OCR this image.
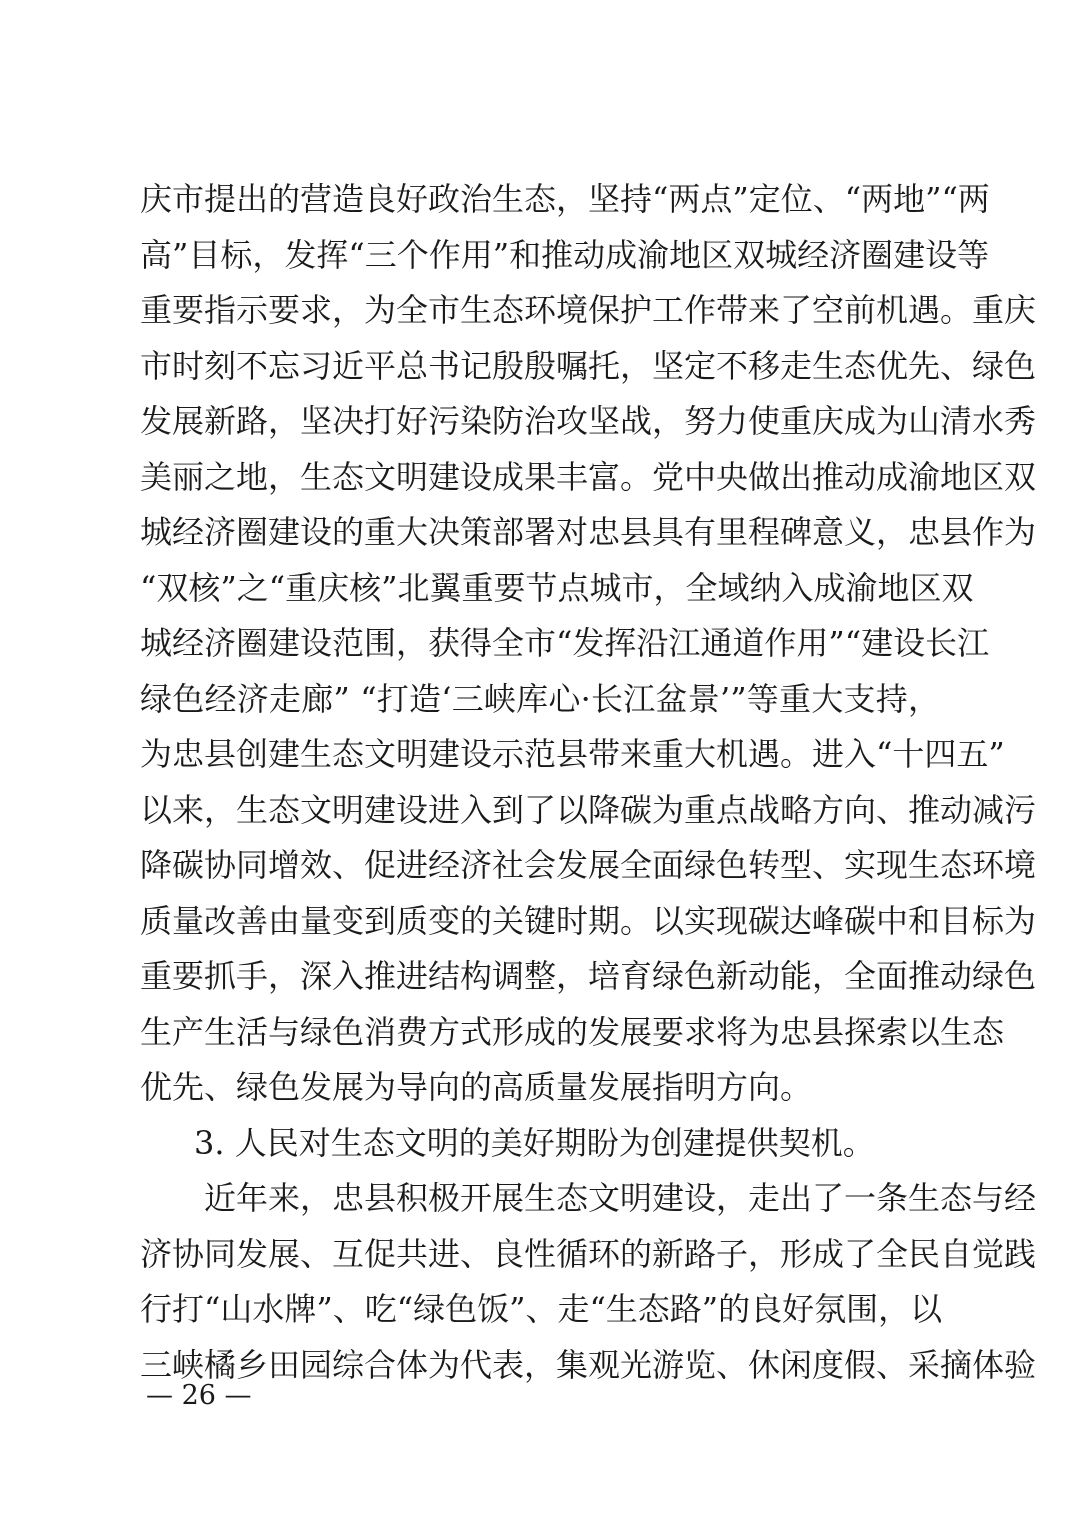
庆市提出的营造良好政治生态，坚持“两点”定位、“两地”“两
高”目标，发挥“三个作用”和推动成渝地区双城经济圈建设等
重要指示要求，为全市生态环境保护工作带来了空前机遇。重庆
市时刻不忘习近平总书记殷殷嘱托，坚定不移走生态优先、绿色
发展新路，坚决打好污染防治攻坚战，努力使重庆成为山清水秀
美丽之地，生态文明建设成果丰富。党中央做出推动成渝地区双
城经济圈建设的重大决策部署对忠县具有里程碑意义，忠县作为
“双核”之“重庆核”北翼重要节点城市，全域纳入成渝地区双
城经济圈建设范围，获得全市“发挥沿江通道作用”“建设长江
绿色经济走廊” “打造‘三峡库心·长江盆景’”等重大支持，
为忠县创建生态文明建设示范县带来重大机遇。进入“十四五”
以来，生态文明建设进入到了以降碳为重点战略方向、推动减污
降碳协同增效、促进经济社会发展全面绿色转型、实现生态环境
质量改善由量变到质变的关键时期。以实现碳达峰碳中和目标为
重要抓手，深入推进结构调整，培育绿色新动能，全面推动绿色
生产生活与绿色消费方式形成的发展要求将为忠县探索以生态
优先、绿色发展为导向的高质量发展指明方向。
3. 人民对生态文明的美好期盼为创建提供契机。
近年来，忠县积极开展生态文明建设，走出了一条生态与经
济协同发展、互促共进、良性循环的新路子，形成了全民自觉践
行打“山水牌”、吃“绿色饭”、走“生态路”的良好氛围，以
三峡橘乡田园综合体为代表，集观光游览、休闲度假、采摘体验
— 26 —
